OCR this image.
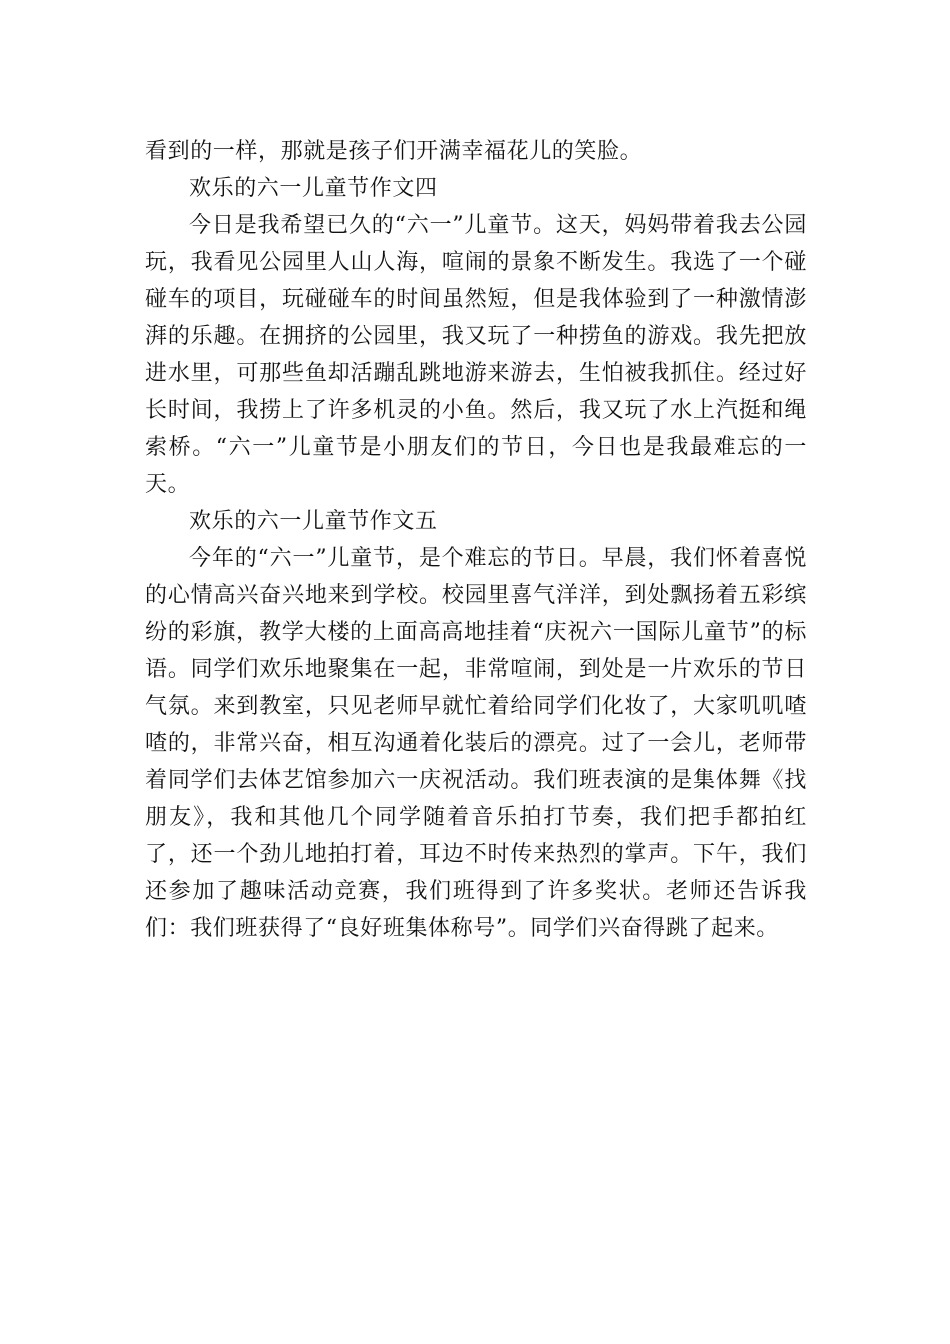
看到的一样，那就是孩子们开满幸福花儿的笑脸。

欢乐的六一儿童节作文四

今日是我希望已久的“六一”儿童节。这天，妈妈带着我去公园玩，我看见公园里人山人海，喧闹的景象不断发生。我选了一个碰碰车的项目，玩碰碰车的时间虽然短，但是我体验到了一种激情澎湃的乐趣。在拥挤的公园里，我又玩了一种捞鱼的游戏。我先把放进水里，可那些鱼却活蹦乱跳地游来游去，生怕被我抓住。经过好长时间，我捞上了许多机灵的小鱼。然后，我又玩了水上汽挺和绳索桥。“六一”儿童节是小朋友们的节日，今日也是我最难忘的一天。

欢乐的六一儿童节作文五

今年的“六一”儿童节，是个难忘的节日。早晨，我们怀着喜悦的心情高兴奋兴地来到学校。校园里喜气洋洋，到处飘扬着五彩缤纷的彩旗，教学大楼的上面高高地挂着“庆祝六一国际儿童节”的标语。同学们欢乐地聚集在一起，非常喧闹，到处是一片欢乐的节日气氛。来到教室，只见老师早就忙着给同学们化妆了，大家叽叽喳喳的，非常兴奋，相互沟通着化装后的漂亮。过了一会儿，老师带着同学们去体艺馆参加六一庆祝活动。我们班表演的是集体舞《找朋友》，我和其他几个同学随着音乐拍打节奏，我们把手都拍红了，还一个劲儿地拍打着，耳边不时传来热烈的掌声。下午，我们还参加了趣味活动竞赛，我们班得到了许多奖状。老师还告诉我们：我们班获得了“良好班集体称号”。同学们兴奋得跳了起来。
